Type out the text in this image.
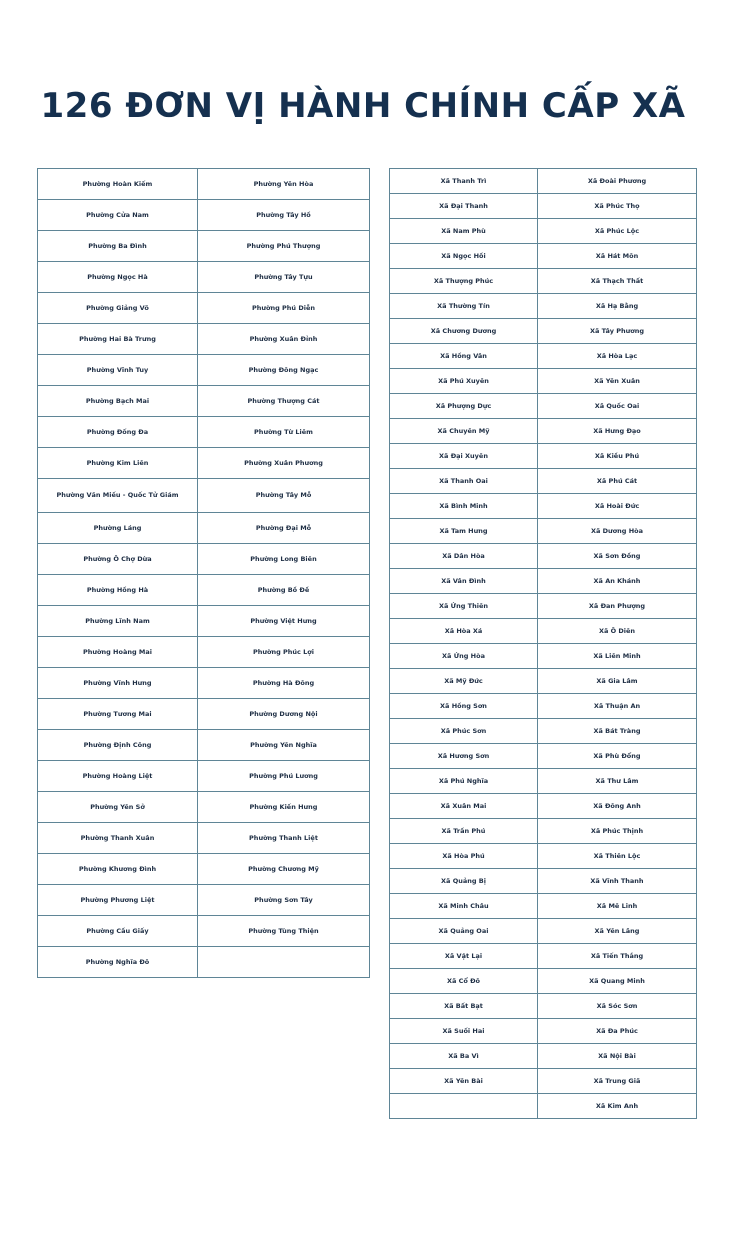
126 ĐƠN VỊ HÀNH CHÍNH CẤP XÃ
Phường Hoàn Kiếm	Phường Yên Hòa
Phường Cửa Nam	Phường Tây Hồ
Phường Ba Đình	Phường Phú Thượng
Phường Ngọc Hà	Phường Tây Tựu
Phường Giảng Võ	Phường Phú Diễn
Phường Hai Bà Trưng	Phường Xuân Đỉnh
Phường Vĩnh Tuy	Phường Đông Ngạc
Phường Bạch Mai	Phường Thượng Cát
Phường Đống Đa	Phường Từ Liêm
Phường Kim Liên	Phường Xuân Phương
Phường Văn Miếu - Quốc Tử Giám	Phường Tây Mỗ
Phường Láng	Phường Đại Mỗ
Phường Ô Chợ Dừa	Phường Long Biên
Phường Hồng Hà	Phường Bồ Đề
Phường Lĩnh Nam	Phường Việt Hưng
Phường Hoàng Mai	Phường Phúc Lợi
Phường Vĩnh Hưng	Phường Hà Đông
Phường Tương Mai	Phường Dương Nội
Phường Định Công	Phường Yên Nghĩa
Phường Hoàng Liệt	Phường Phú Lương
Phường Yên Sở	Phường Kiến Hưng
Phường Thanh Xuân	Phường Thanh Liệt
Phường Khương Đình	Phường Chương Mỹ
Phường Phương Liệt	Phường Sơn Tây
Phường Cầu Giấy	Phường Tùng Thiện
Phường Nghĩa Đô	
Xã Thanh Trì	Xã Đoài Phương
Xã Đại Thanh	Xã Phúc Thọ
Xã Nam Phù	Xã Phúc Lộc
Xã Ngọc Hồi	Xã Hát Môn
Xã Thượng Phúc	Xã Thạch Thất
Xã Thường Tín	Xã Hạ Bằng
Xã Chương Dương	Xã Tây Phương
Xã Hồng Vân	Xã Hòa Lạc
Xã Phú Xuyên	Xã Yên Xuân
Xã Phượng Dực	Xã Quốc Oai
Xã Chuyên Mỹ	Xã Hưng Đạo
Xã Đại Xuyên	Xã Kiều Phú
Xã Thanh Oai	Xã Phú Cát
Xã Bình Minh	Xã Hoài Đức
Xã Tam Hưng	Xã Dương Hòa
Xã Dân Hòa	Xã Sơn Đồng
Xã Vân Đình	Xã An Khánh
Xã Ứng Thiên	Xã Đan Phượng
Xã Hòa Xá	Xã Ô Diên
Xã Ứng Hòa	Xã Liên Minh
Xã Mỹ Đức	Xã Gia Lâm
Xã Hồng Sơn	Xã Thuận An
Xã Phúc Sơn	Xã Bát Tràng
Xã Hương Sơn	Xã Phù Đổng
Xã Phú Nghĩa	Xã Thư Lâm
Xã Xuân Mai	Xã Đông Anh
Xã Trần Phú	Xã Phúc Thịnh
Xã Hòa Phú	Xã Thiên Lộc
Xã Quảng Bị	Xã Vĩnh Thanh
Xã Minh Châu	Xã Mê Linh
Xã Quảng Oai	Xã Yên Lãng
Xã Vật Lại	Xã Tiến Thắng
Xã Cổ Đô	Xã Quang Minh
Xã Bất Bạt	Xã Sóc Sơn
Xã Suối Hai	Xã Đa Phúc
Xã Ba Vì	Xã Nội Bài
Xã Yên Bài	Xã Trung Giã
	Xã Kim Anh
